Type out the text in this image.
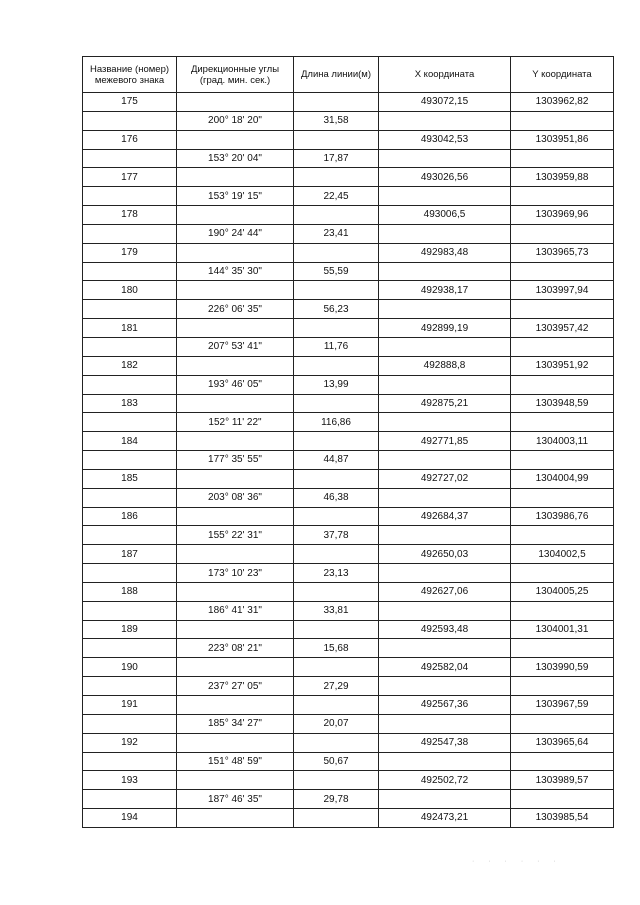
Название (номер) межевого знака	Дирекционные углы (град. мин. сек.)	Длина линии(м)	X координата	Y координата
175			493072,15	1303962,82
	200° 18' 20"	31,58		
176			493042,53	1303951,86
	153° 20' 04"	17,87		
177			493026,56	1303959,88
	153° 19' 15"	22,45		
178			493006,5	1303969,96
	190° 24' 44"	23,41		
179			492983,48	1303965,73
	144° 35' 30"	55,59		
180			492938,17	1303997,94
	226° 06' 35"	56,23		
181			492899,19	1303957,42
	207° 53' 41"	11,76		
182			492888,8	1303951,92
	193° 46' 05"	13,99		
183			492875,21	1303948,59
	152° 11' 22"	116,86		
184			492771,85	1304003,11
	177° 35' 55"	44,87		
185			492727,02	1304004,99
	203° 08' 36"	46,38		
186			492684,37	1303986,76
	155° 22' 31"	37,78		
187			492650,03	1304002,5
	173° 10' 23"	23,13		
188			492627,06	1304005,25
	186° 41' 31"	33,81		
189			492593,48	1304001,31
	223° 08' 21"	15,68		
190			492582,04	1303990,59
	237° 27' 05"	27,29		
191			492567,36	1303967,59
	185° 34' 27"	20,07		
192			492547,38	1303965,64
	151° 48' 59"	50,67		
193			492502,72	1303989,57
	187° 46' 35"	29,78		
194			492473,21	1303985,54
· · · · · ·
